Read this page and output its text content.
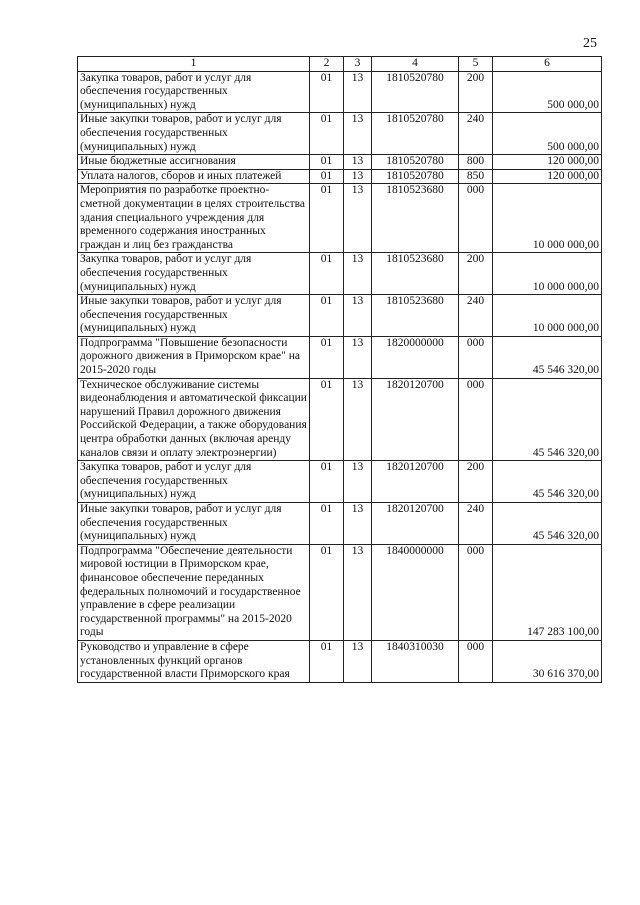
25
1	2	3	4	5	6
Закупка товаров, работ и услуг для обеспечения государственных (муниципальных) нужд	01	13	1810520780	200	500 000,00
Иные закупки товаров, работ и услуг для обеспечения государственных (муниципальных) нужд	01	13	1810520780	240	500 000,00
Иные бюджетные ассигнования	01	13	1810520780	800	120 000,00
Уплата налогов, сборов и иных платежей	01	13	1810520780	850	120 000,00
Мероприятия по разработке проектно-сметной документации в целях строительства здания специального учреждения для временного содержания иностранных граждан и лиц без гражданства	01	13	1810523680	000	10 000 000,00
Закупка товаров, работ и услуг для обеспечения государственных (муниципальных) нужд	01	13	1810523680	200	10 000 000,00
Иные закупки товаров, работ и услуг для обеспечения государственных (муниципальных) нужд	01	13	1810523680	240	10 000 000,00
Подпрограмма "Повышение безопасности дорожного движения в Приморском крае" на 2015-2020 годы	01	13	1820000000	000	45 546 320,00
Техническое обслуживание системы видеонаблюдения и автоматической фиксации нарушений Правил дорожного движения Российской Федерации, а также оборудования центра обработки данных (включая аренду каналов связи и оплату электроэнергии)	01	13	1820120700	000	45 546 320,00
Закупка товаров, работ и услуг для обеспечения государственных (муниципальных) нужд	01	13	1820120700	200	45 546 320,00
Иные закупки товаров, работ и услуг для обеспечения государственных (муниципальных) нужд	01	13	1820120700	240	45 546 320,00
Подпрограмма "Обеспечение деятельности мировой юстиции в Приморском крае, финансовое обеспечение переданных федеральных полномочий и государственное управление в сфере реализации государственной программы" на 2015-2020 годы	01	13	1840000000	000	147 283 100,00
Руководство и управление в сфере установленных функций органов государственной власти Приморского края	01	13	1840310030	000	30 616 370,00
